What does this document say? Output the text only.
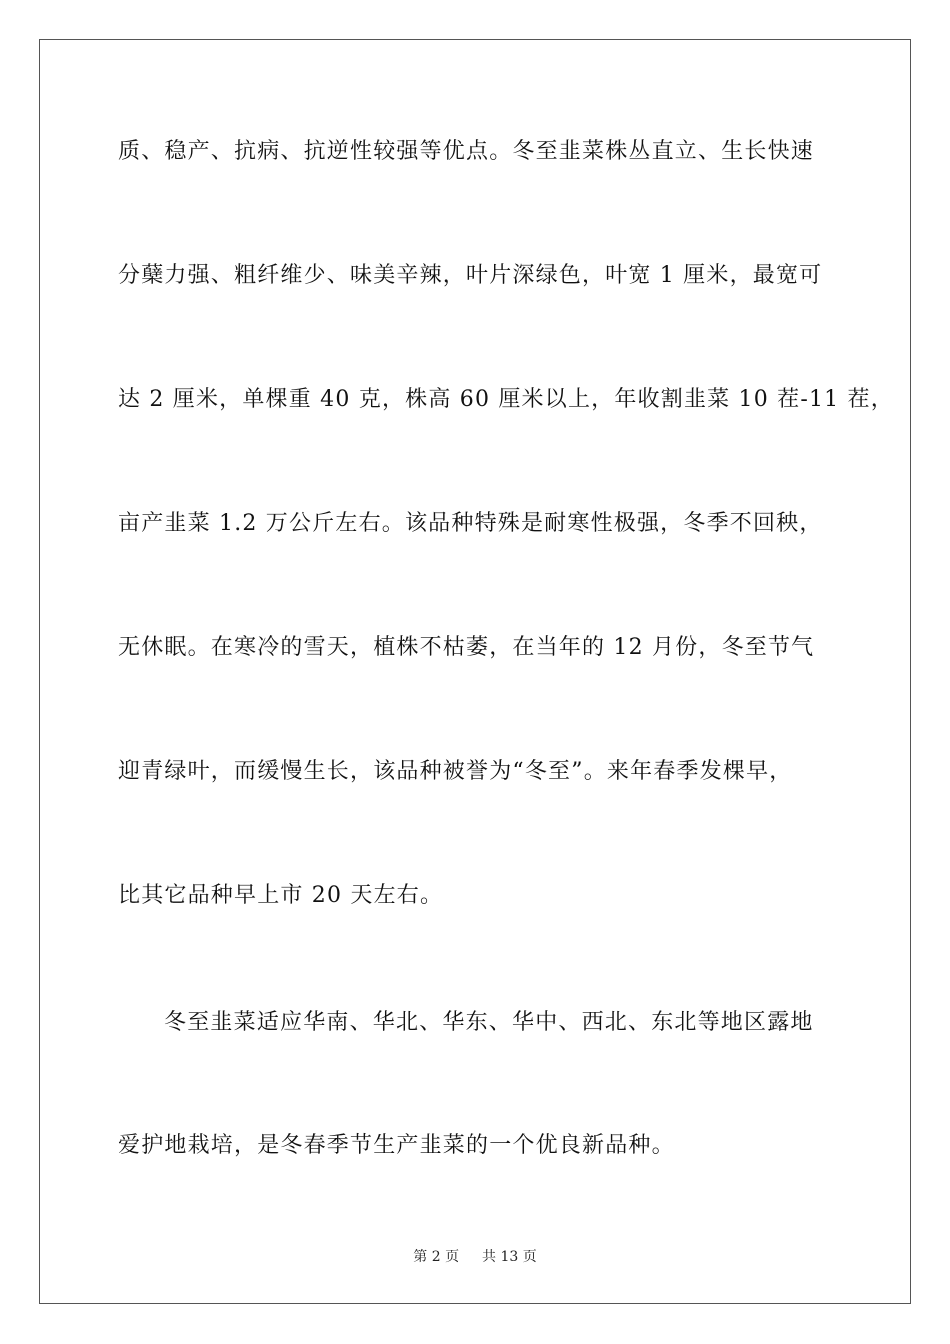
质、稳产、抗病、抗逆性较强等优点。冬至韭菜株丛直立、生长快速
分蘖力强、粗纤维少、味美辛辣，叶片深绿色，叶宽 1 厘米，最宽可
达 2 厘米，单棵重 40 克，株高 60 厘米以上，年收割韭菜 10 茬-11 茬，
亩产韭菜 1.2 万公斤左右。该品种特殊是耐寒性极强，冬季不回秧，
无休眠。在寒冷的雪天，植株不枯萎，在当年的 12 月份，冬至节气
迎青绿叶，而缓慢生长，该品种被誉为“冬至”。来年春季发棵早，
比其它品种早上市 20 天左右。
冬至韭菜适应华南、华北、华东、华中、西北、东北等地区露地
爱护地栽培，是冬春季节生产韭菜的一个优良新品种。
第 2 页 共 13 页
